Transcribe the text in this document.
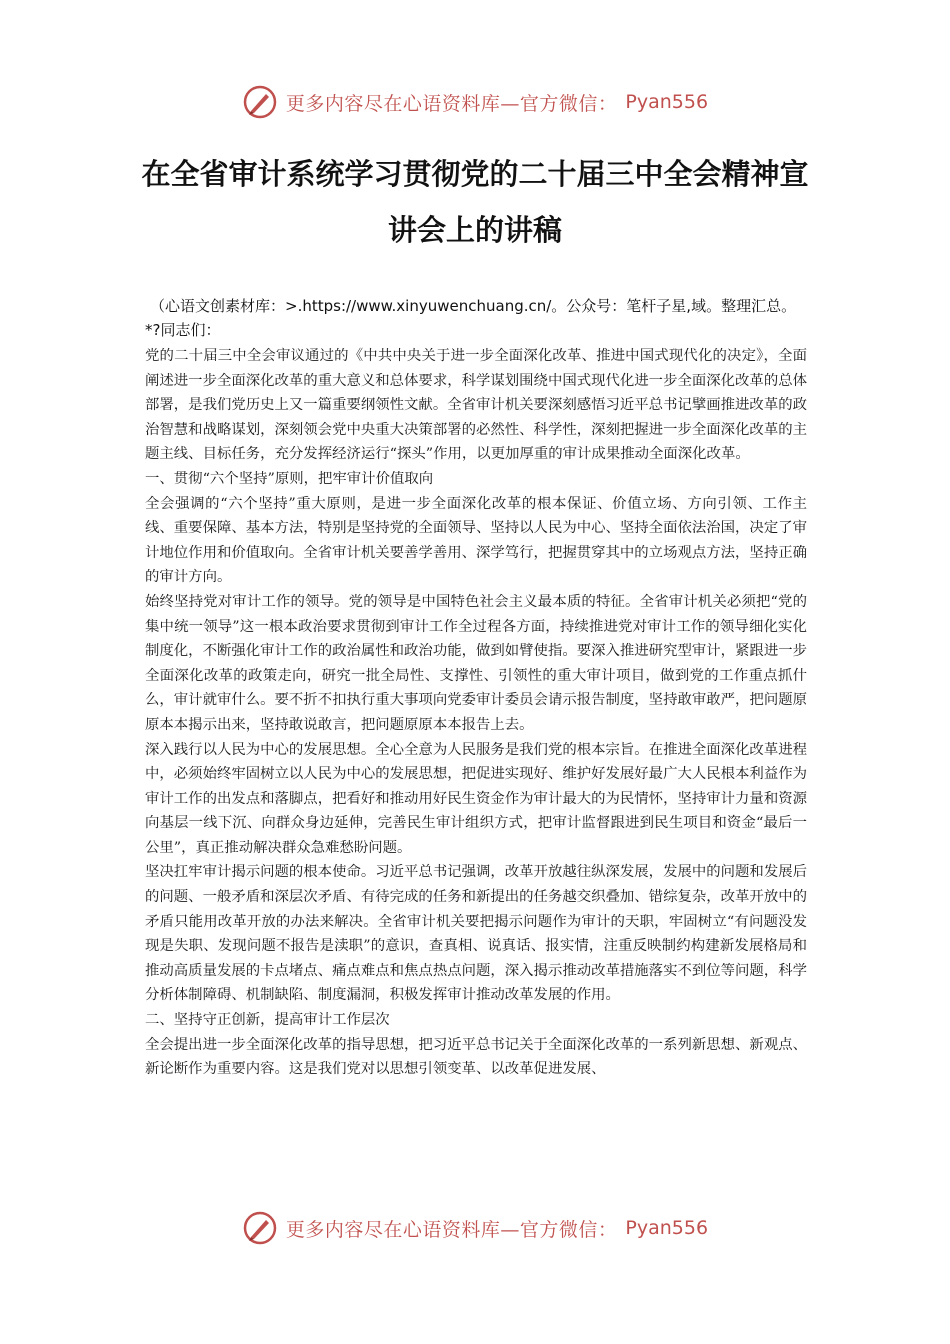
更多内容尽在心语资料库—官方微信： Pyan556
在全省审计系统学习贯彻党的二十届三中全会精神宣讲会上的讲稿

（心语文创素材库：>.https://www.xinyuwenchuang.cn/。公众号：笔杆子星,域。整理汇总。*?同志们：

党的二十届三中全会审议通过的《中共中央关于进一步全面深化改革、推进中国式现代化的决定》，全面阐述进一步全面深化改革的重大意义和总体要求，科学谋划围绕中国式现代化进一步全面深化改革的总体部署，是我们党历史上又一篇重要纲领性文献。全省审计机关要深刻感悟习近平总书记擘画推进改革的政治智慧和战略谋划，深刻领会党中央重大决策部署的必然性、科学性，深刻把握进一步全面深化改革的主题主线、目标任务，充分发挥经济运行“探头”作用，以更加厚重的审计成果推动全面深化改革。

一、贯彻“六个坚持”原则，把牢审计价值取向

全会强调的“六个坚持”重大原则，是进一步全面深化改革的根本保证、价值立场、方向引领、工作主线、重要保障、基本方法，特别是坚持党的全面领导、坚持以人民为中心、坚持全面依法治国，决定了审计地位作用和价值取向。全省审计机关要善学善用、深学笃行，把握贯穿其中的立场观点方法，坚持正确的审计方向。

始终坚持党对审计工作的领导。党的领导是中国特色社会主义最本质的特征。全省审计机关必须把“党的集中统一领导”这一根本政治要求贯彻到审计工作全过程各方面，持续推进党对审计工作的领导细化实化制度化，不断强化审计工作的政治属性和政治功能，做到如臂使指。要深入推进研究型审计，紧跟进一步全面深化改革的政策走向，研究一批全局性、支撑性、引领性的重大审计项目，做到党的工作重点抓什么，审计就审什么。要不折不扣执行重大事项向党委审计委员会请示报告制度，坚持敢审敢严，把问题原原本本揭示出来，坚持敢说敢言，把问题原原本本报告上去。

深入践行以人民为中心的发展思想。全心全意为人民服务是我们党的根本宗旨。在推进全面深化改革进程中，必须始终牢固树立以人民为中心的发展思想，把促进实现好、维护好发展好最广大人民根本利益作为审计工作的出发点和落脚点，把看好和推动用好民生资金作为审计最大的为民情怀，坚持审计力量和资源向基层一线下沉、向群众身边延伸，完善民生审计组织方式，把审计监督跟进到民生项目和资金“最后一公里”，真正推动解决群众急难愁盼问题。

坚决扛牢审计揭示问题的根本使命。习近平总书记强调，改革开放越往纵深发展，发展中的问题和发展后的问题、一般矛盾和深层次矛盾、有待完成的任务和新提出的任务越交织叠加、错综复杂，改革开放中的矛盾只能用改革开放的办法来解决。全省审计机关要把揭示问题作为审计的天职，牢固树立“有问题没发现是失职、发现问题不报告是渎职”的意识，查真相、说真话、报实情，注重反映制约构建新发展格局和推动高质量发展的卡点堵点、痛点难点和焦点热点问题，深入揭示推动改革措施落实不到位等问题，科学分析体制障碍、机制缺陷、制度漏洞，积极发挥审计推动改革发展的作用。

二、坚持守正创新，提高审计工作层次

全会提出进一步全面深化改革的指导思想，把习近平总书记关于全面深化改革的一系列新思想、新观点、新论断作为重要内容。这是我们党对以思想引领变革、以改革促进发展、

更多内容尽在心语资料库—官方微信： Pyan556
